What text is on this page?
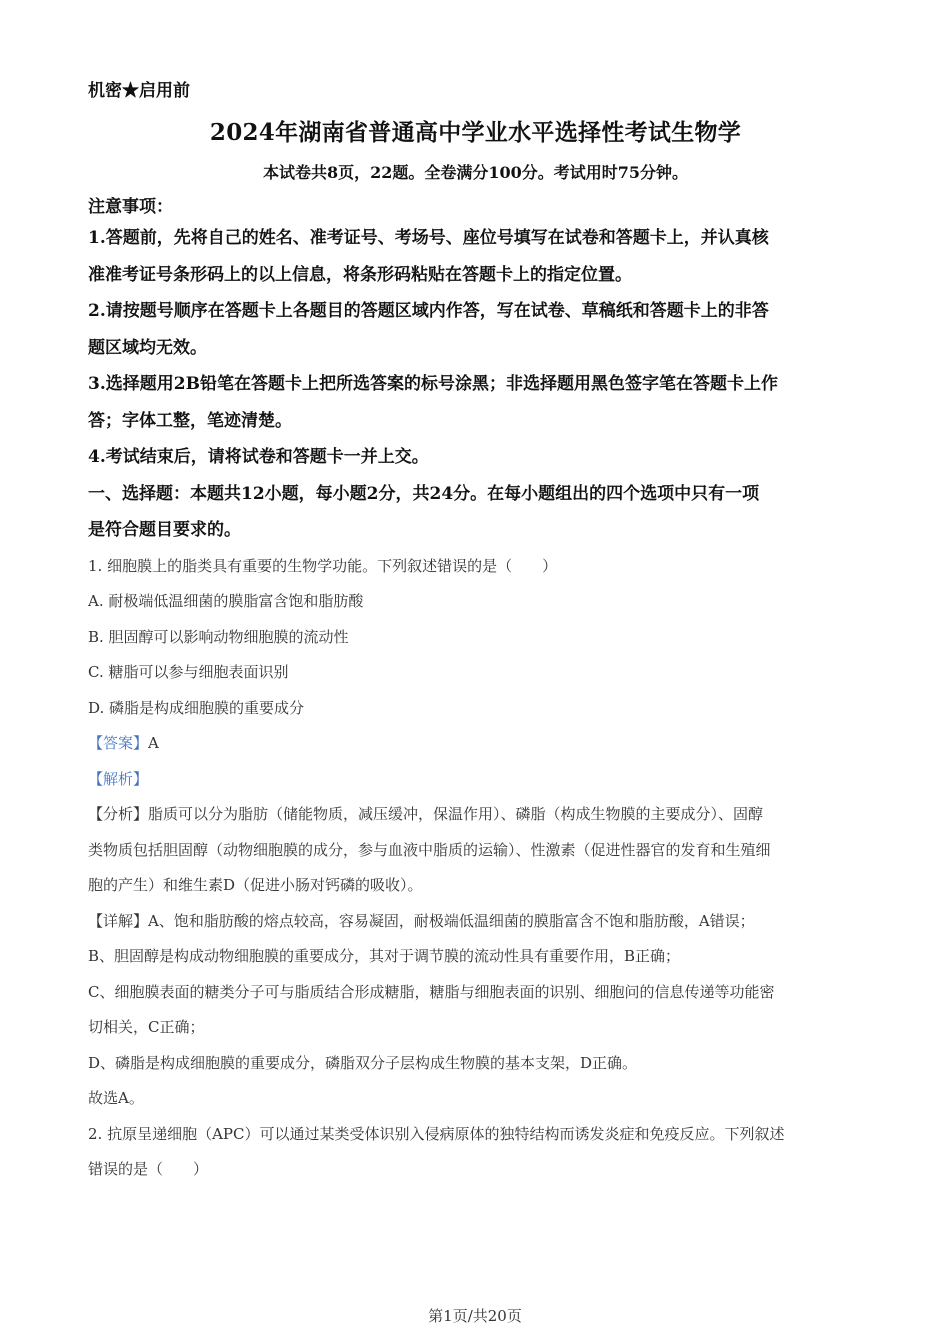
机密★启用前

2024年湖南省普通高中学业水平选择性考试生物学

本试卷共8页，22题。全卷满分100分。考试用时75分钟。

注意事项：

1.答题前，先将自己的姓名、准考证号、考场号、座位号填写在试卷和答题卡上，并认真核

准准考证号条形码上的以上信息，将条形码粘贴在答题卡上的指定位置。

2.请按题号顺序在答题卡上各题目的答题区域内作答，写在试卷、草稿纸和答题卡上的非答

题区域均无效。

3.选择题用2B铅笔在答题卡上把所选答案的标号涂黑；非选择题用黑色签字笔在答题卡上作

答；字体工整，笔迹清楚。

4.考试结束后，请将试卷和答题卡一并上交。

一、选择题：本题共12小题，每小题2分，共24分。在每小题组出的四个选项中只有一项

是符合题目要求的。

1. 细胞膜上的脂类具有重要的生物学功能。下列叙述错误的是（　　）

A. 耐极端低温细菌的膜脂富含饱和脂肪酸

B. 胆固醇可以影响动物细胞膜的流动性

C. 糖脂可以参与细胞表面识别

D. 磷脂是构成细胞膜的重要成分

【答案】A

【解析】

【分析】脂质可以分为脂肪（储能物质，减压缓冲，保温作用）、磷脂（构成生物膜的主要成分）、固醇

类物质包括胆固醇（动物细胞膜的成分，参与血液中脂质的运输）、性激素（促进性器官的发育和生殖细

胞的产生）和维生素D（促进小肠对钙磷的吸收）。

【详解】A、饱和脂肪酸的熔点较高，容易凝固，耐极端低温细菌的膜脂富含不饱和脂肪酸，A错误；

B、胆固醇是构成动物细胞膜的重要成分，其对于调节膜的流动性具有重要作用，B正确；

C、细胞膜表面的糖类分子可与脂质结合形成糖脂，糖脂与细胞表面的识别、细胞问的信息传递等功能密

切相关，C正确；

D、磷脂是构成细胞膜的重要成分，磷脂双分子层构成生物膜的基本支架，D正确。

故选A。

2. 抗原呈递细胞（APC）可以通过某类受体识别入侵病原体的独特结构而诱发炎症和免疫反应。下列叙述

错误的是（　　）

第1页/共20页
